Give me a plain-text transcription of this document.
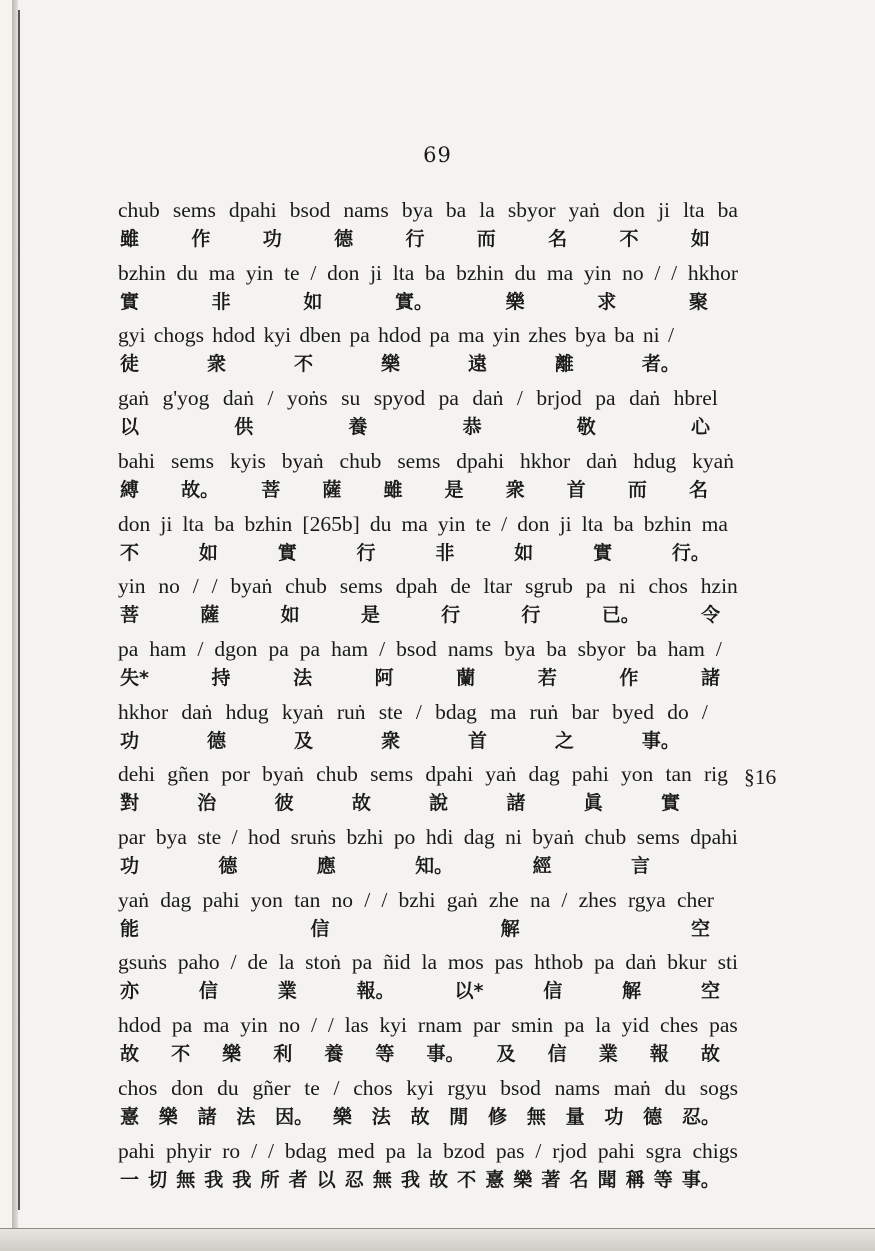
69
chub sems dpahi bsod nams bya ba la sbyor yaṅ don ji lta ba
雖	作	功	德	行	而	名	不	如
bzhin du ma yin te / don ji lta ba bzhin du ma yin no / / hkhor
實	非	如	實。	樂	求	聚
gyi chogs hdod kyi dben pa hdod pa ma yin zhes bya ba ni /
徒	衆	不	樂	遠	離	者。
gaṅ g'yog daṅ / yoṅs su spyod pa daṅ / brjod pa daṅ hbrel
以	供	養	恭	敬	心
bahi sems kyis byaṅ chub sems dpahi hkhor daṅ hdug kyaṅ
縛 故。 菩 薩 雖 是 衆 首 而 名
don ji lta ba bzhin [265b] du ma yin te / don ji lta ba bzhin ma
不	如	實	行	非	如	實	行。
yin no / / byaṅ chub sems dpah de ltar sgrub pa ni chos hzin
菩	薩	如	是	行	行	已。	令
pa ham / dgon pa pa ham / bsod nams bya ba sbyor ba ham /
失*	持	法	阿	蘭	若	作	諸
hkhor daṅ hdug kyaṅ ruṅ ste / bdag ma ruṅ bar byed do /
功	德	及	衆	首	之	事。
dehi gñen por byaṅ chub sems dpahi yaṅ dag pahi yon tan rig
對	治	彼	故	說	諸	眞	實
par bya ste / hod sruṅs bzhi po hdi dag ni byaṅ chub sems dpahi
功	德	應	知。	經	言
yaṅ dag pahi yon tan no / / bzhi gaṅ zhe na / zhes rgya cher
能	信	解	空
gsuṅs paho / de la stoṅ pa ñid la mos pas hthob pa daṅ bkur sti
亦	信	業	報。	以*	信	解	空
hdod pa ma yin no / / las kyi rnam par smin pa la yid ches pas
故 不 樂 利 養 等 事。 及 信 業 報 故
chos don du gñer te / chos kyi rgyu bsod nams maṅ du sogs
憙 樂 諸 法 因。 樂 法 故 閒 修 無 量 功 德 忍。
pahi phyir ro / / bdag med pa la bzod pas / rjod pahi sgra chigs
一 切 無 我 我 所 者 以 忍 無 我 故 不 憙 樂 著 名 聞 稱 等 事。
§16
